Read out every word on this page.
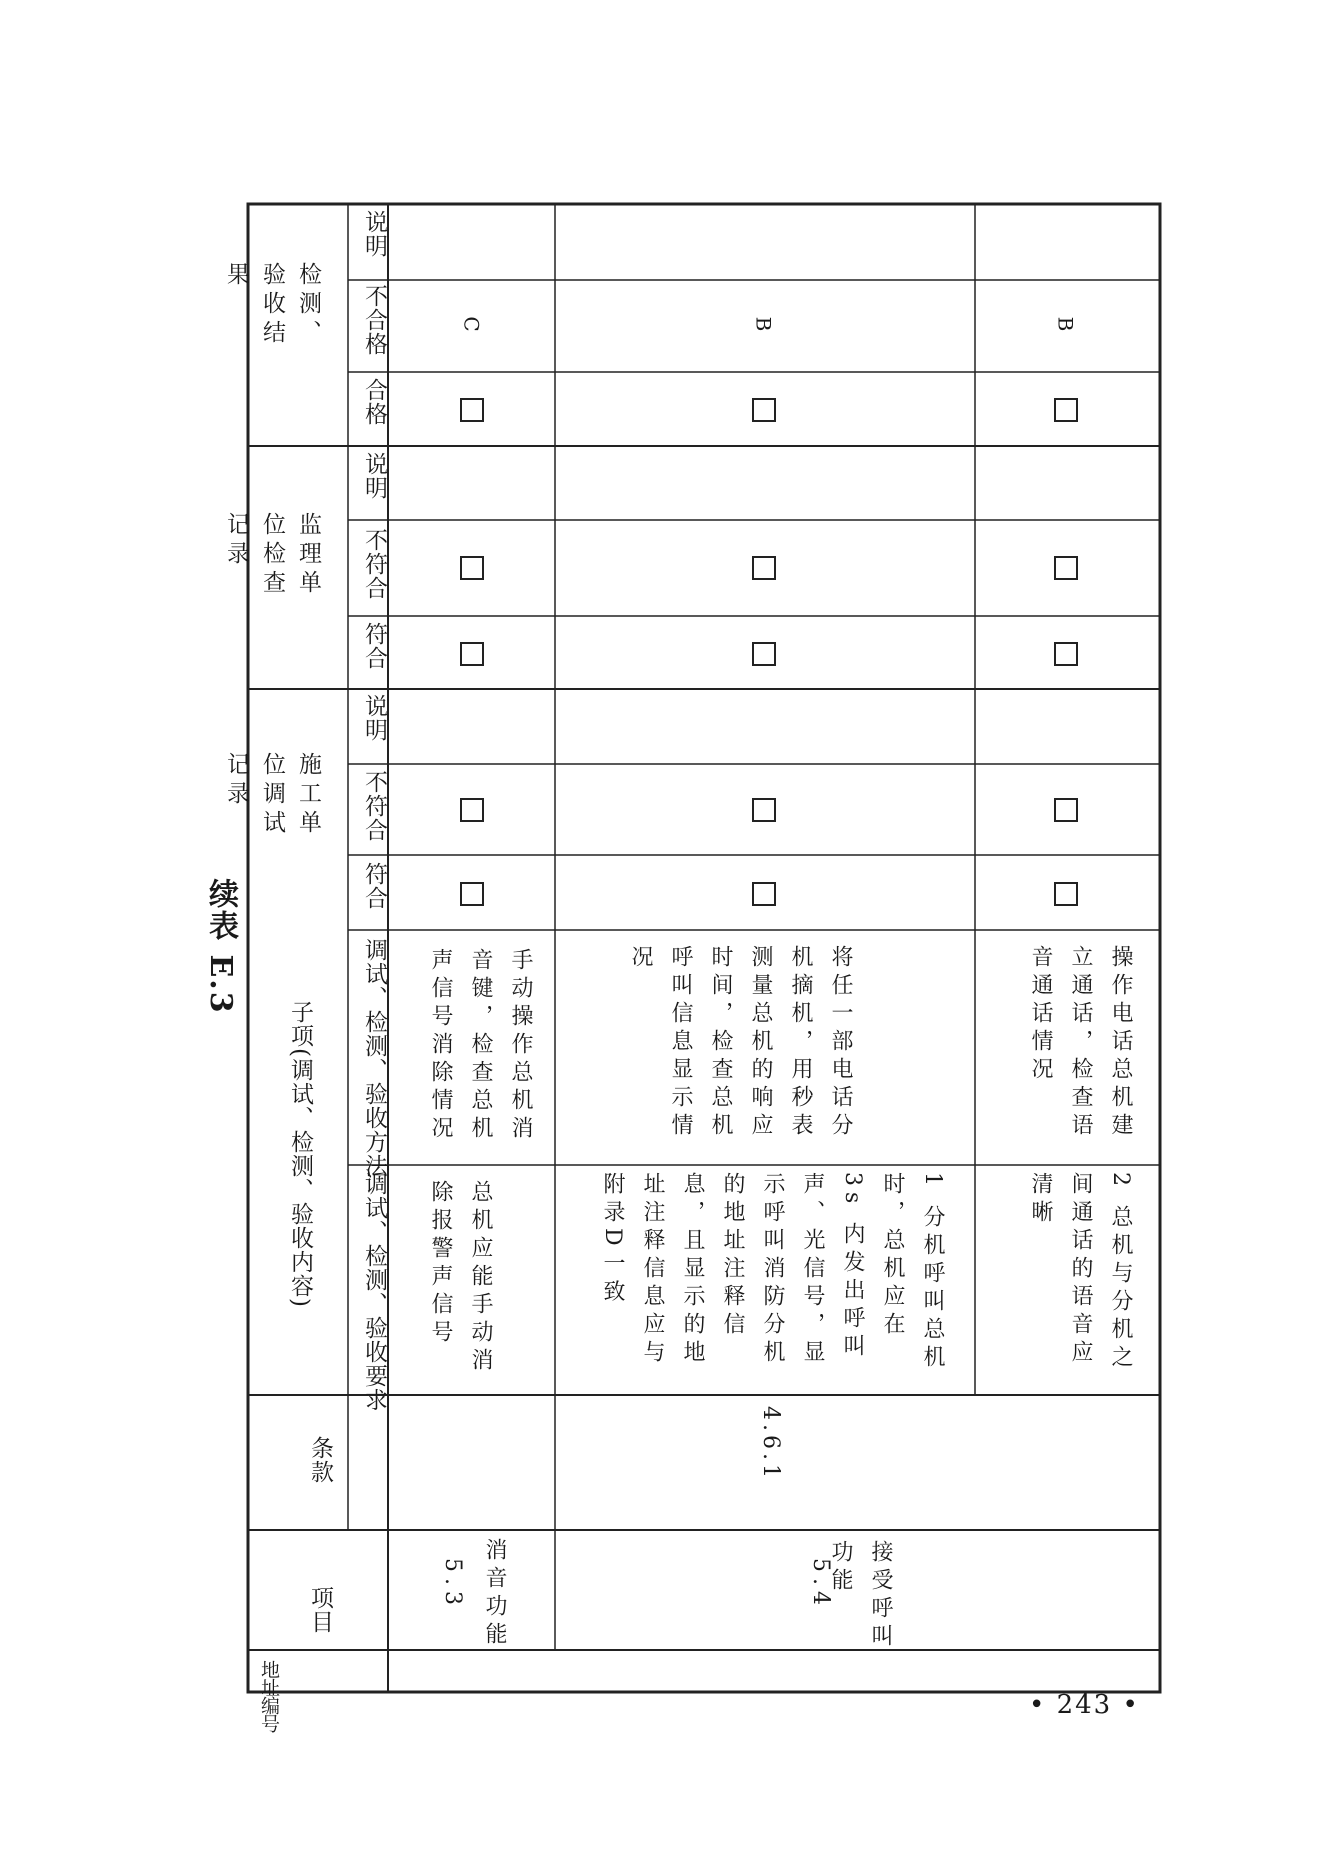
续表 E.3
地址编号
项目
条款
子项(调试、检测、验收内容) 调试、检测、验收要求
调试、检测、验收方法
施工单位调试记录
符合
不符合
说明
监理单位检查记录
符合
不符合
说明
检测、验收结果
合格
不合格
说明
5.3 消音功能
总机应能手动消除报警声信号
手动操作总机消音键，检查总机声信号消除情况
C
4.6.1
5.4	接受呼叫功能
1 分机呼叫总机时，总机应在 3s 内发出呼叫声、光信号，显示呼叫消防分机的地址注释信息，且显示的地址注释信息应与附录D一致
将任一部电话分机摘机，用秒表测量总机的响应时间，检查总机呼叫信息显示情况
B
2 总机与分机之间通话的语音应清晰
操作电话总机建立通话，检查语音通话情况
B
• 243 •
